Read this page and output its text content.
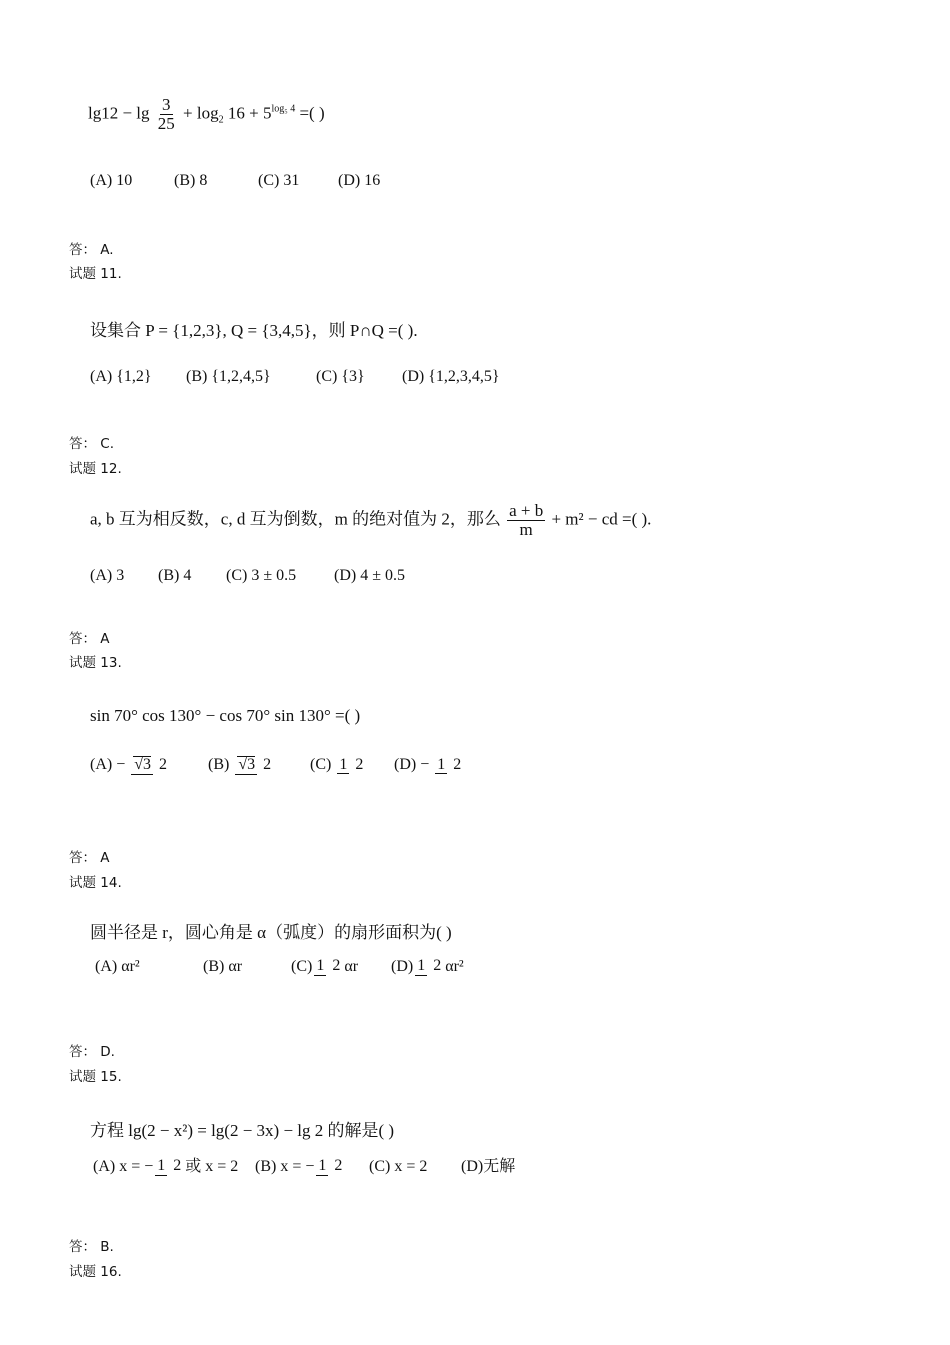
$\lg 12 - \lg \frac{3}{25} + \log_2 16 + 5^{log_5 4}$ =( )
(A) 10	(B) 8	(C) 31 (D) 16
答： A.
试题 11.
设集合 P = {1,2,3}, Q = {3,4,5}，则 P∩Q =( ).
(A) {1,2} (B) {1,2,4,5}	(C) {3} (D) {1,2,3,4,5}
答： C.
试题 12.
a, b 互为相反数，c, d 互为倒数，m 的绝对值为 2，那么 $\frac{a + b}{m} + m^2$ − cd =( ).
(A) 3 (B) 4 (C) 3 ± 0.5 (D) 4 ± 0.5
答： A
试题 13.
sin 70° cos 130° − cos 70° sin 130° =( )
(A) − √3 2	(B) √3 2 (C) 1 2 (D) − 1 2
答： A
试题 14.
圆半径是 r，圆心角是 α（弧度）的扇形面积为( )
(A) αr²	(B) αr	(C) 1 2 αr (D) 1 2 αr²
答： D.
试题 15.
方程 lg(2 − x²) = lg(2 − 3x) − lg 2 的解是( )
(A) x = − 1 2 或 x = 2 (B) x = − 1 2 (C) x = 2 (D)无解
答： B.
试题 16.
